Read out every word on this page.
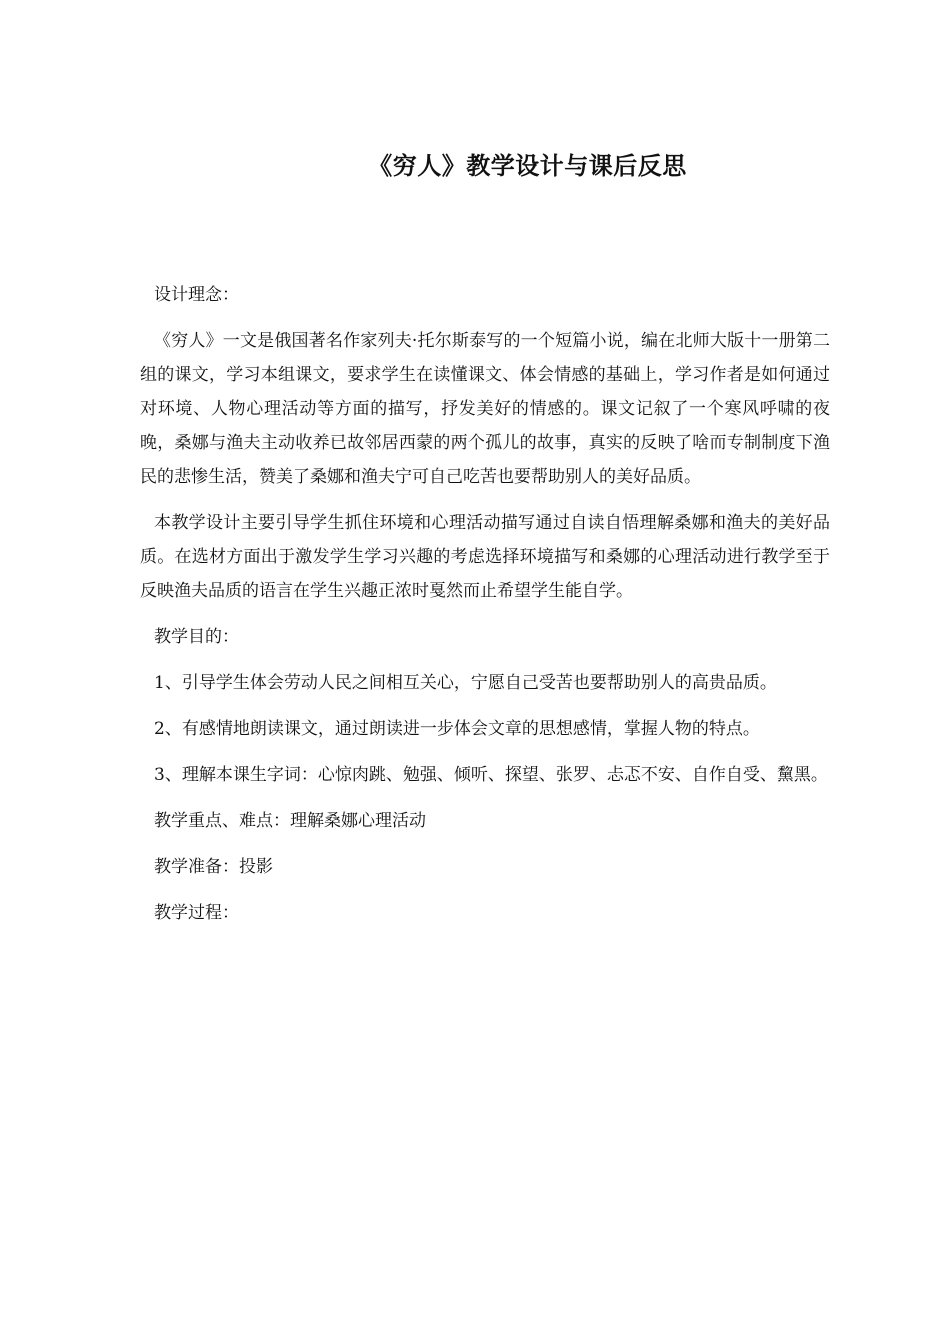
《穷人》教学设计与课后反思

设计理念：

《穷人》一文是俄国著名作家列夫·托尔斯泰写的一个短篇小说，编在北师大版十一册第二组的课文，学习本组课文，要求学生在读懂课文、体会情感的基础上，学习作者是如何通过对环境、人物心理活动等方面的描写，抒发美好的情感的。课文记叙了一个寒风呼啸的夜晚，桑娜与渔夫主动收养已故邻居西蒙的两个孤儿的故事，真实的反映了啥而专制制度下渔民的悲惨生活，赞美了桑娜和渔夫宁可自己吃苦也要帮助别人的美好品质。

本教学设计主要引导学生抓住环境和心理活动描写通过自读自悟理解桑娜和渔夫的美好品质。在选材方面出于激发学生学习兴趣的考虑选择环境描写和桑娜的心理活动进行教学至于反映渔夫品质的语言在学生兴趣正浓时戛然而止希望学生能自学。

教学目的：

1、引导学生体会劳动人民之间相互关心，宁愿自己受苦也要帮助别人的高贵品质。

2、有感情地朗读课文，通过朗读进一步体会文章的思想感情，掌握人物的特点。

3、理解本课生字词：心惊肉跳、勉强、倾听、探望、张罗、忐忑不安、自作自受、黧黑。

教学重点、难点：理解桑娜心理活动

教学准备：投影

教学过程：
